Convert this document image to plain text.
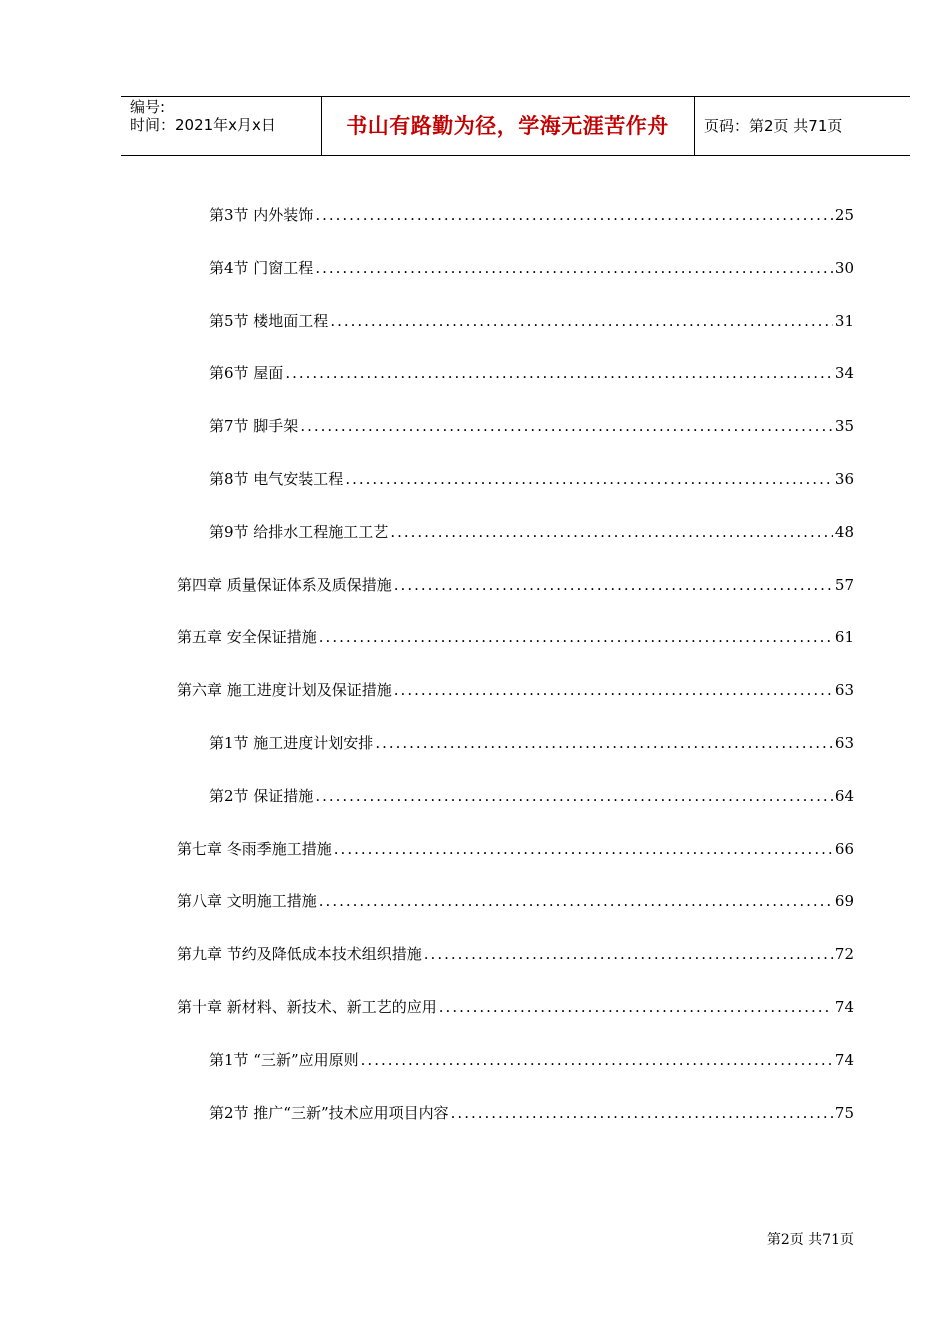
编号:
时间：2021年x月x日	书山有路勤为径，学海无涯苦作舟	页码：第2页 共71页
第3节 内外装饰 .....	25
第4节 门窗工程 .....	30
第5节 楼地面工程 .....	31
第6节 屋面 .....	34
第7节 脚手架 .....	35
第8节 电气安装工程 .....	36
第9节 给排水工程施工工艺 .....	48
第四章 质量保证体系及质保措施 .....	57
第五章 安全保证措施 .....	61
第六章 施工进度计划及保证措施 .....	63
第1节 施工进度计划安排 .....	63
第2节 保证措施 .....	64
第七章 冬雨季施工措施 .....	66
第八章 文明施工措施 .....	69
第九章 节约及降低成本技术组织措施 .....	72
第十章 新材料、新技术、新工艺的应用 .....	74
第1节 “三新”应用原则 .....	74
第2节 推广“三新”技术应用项目内容 .....	75
第2页 共71页
